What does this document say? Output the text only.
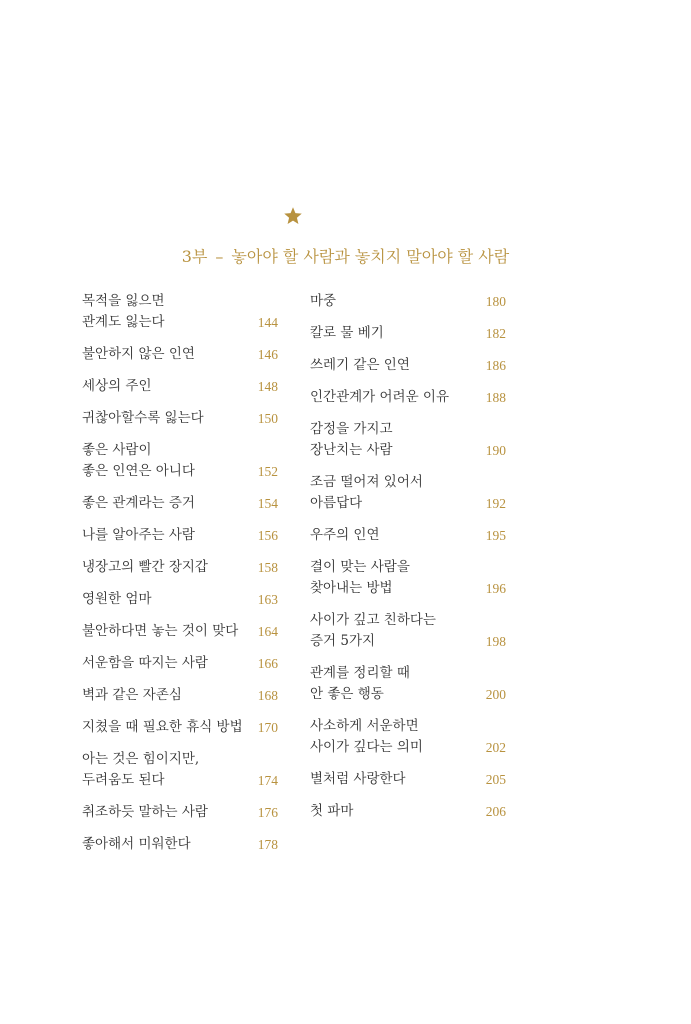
3부 – 놓아야 할 사람과 놓치지 말아야 할 사람
목적을 잃으면
관계도 잃는다	144
불안하지 않은 인연	146
세상의 주인	148
귀찮아할수록 잃는다	150
좋은 사람이
좋은 인연은 아니다	152
좋은 관계라는 증거	154
나를 알아주는 사람	156
냉장고의 빨간 장지갑	158
영원한 엄마	163
불안하다면 놓는 것이 맞다	164
서운함을 따지는 사람	166
벽과 같은 자존심	168
지쳤을 때 필요한 휴식 방법	170
아는 것은 힘이지만,
두려움도 된다	174
취조하듯 말하는 사람	176
좋아해서 미워한다	178
마중	180
칼로 물 베기	182
쓰레기 같은 인연	186
인간관계가 어려운 이유	188
감정을 가지고
장난치는 사람	190
조금 떨어져 있어서
아름답다	192
우주의 인연	195
결이 맞는 사람을
찾아내는 방법	196
사이가 깊고 친하다는
증거 5가지	198
관계를 정리할 때
안 좋은 행동	200
사소하게 서운하면
사이가 깊다는 의미	202
별처럼 사랑한다	205
첫 파마	206
